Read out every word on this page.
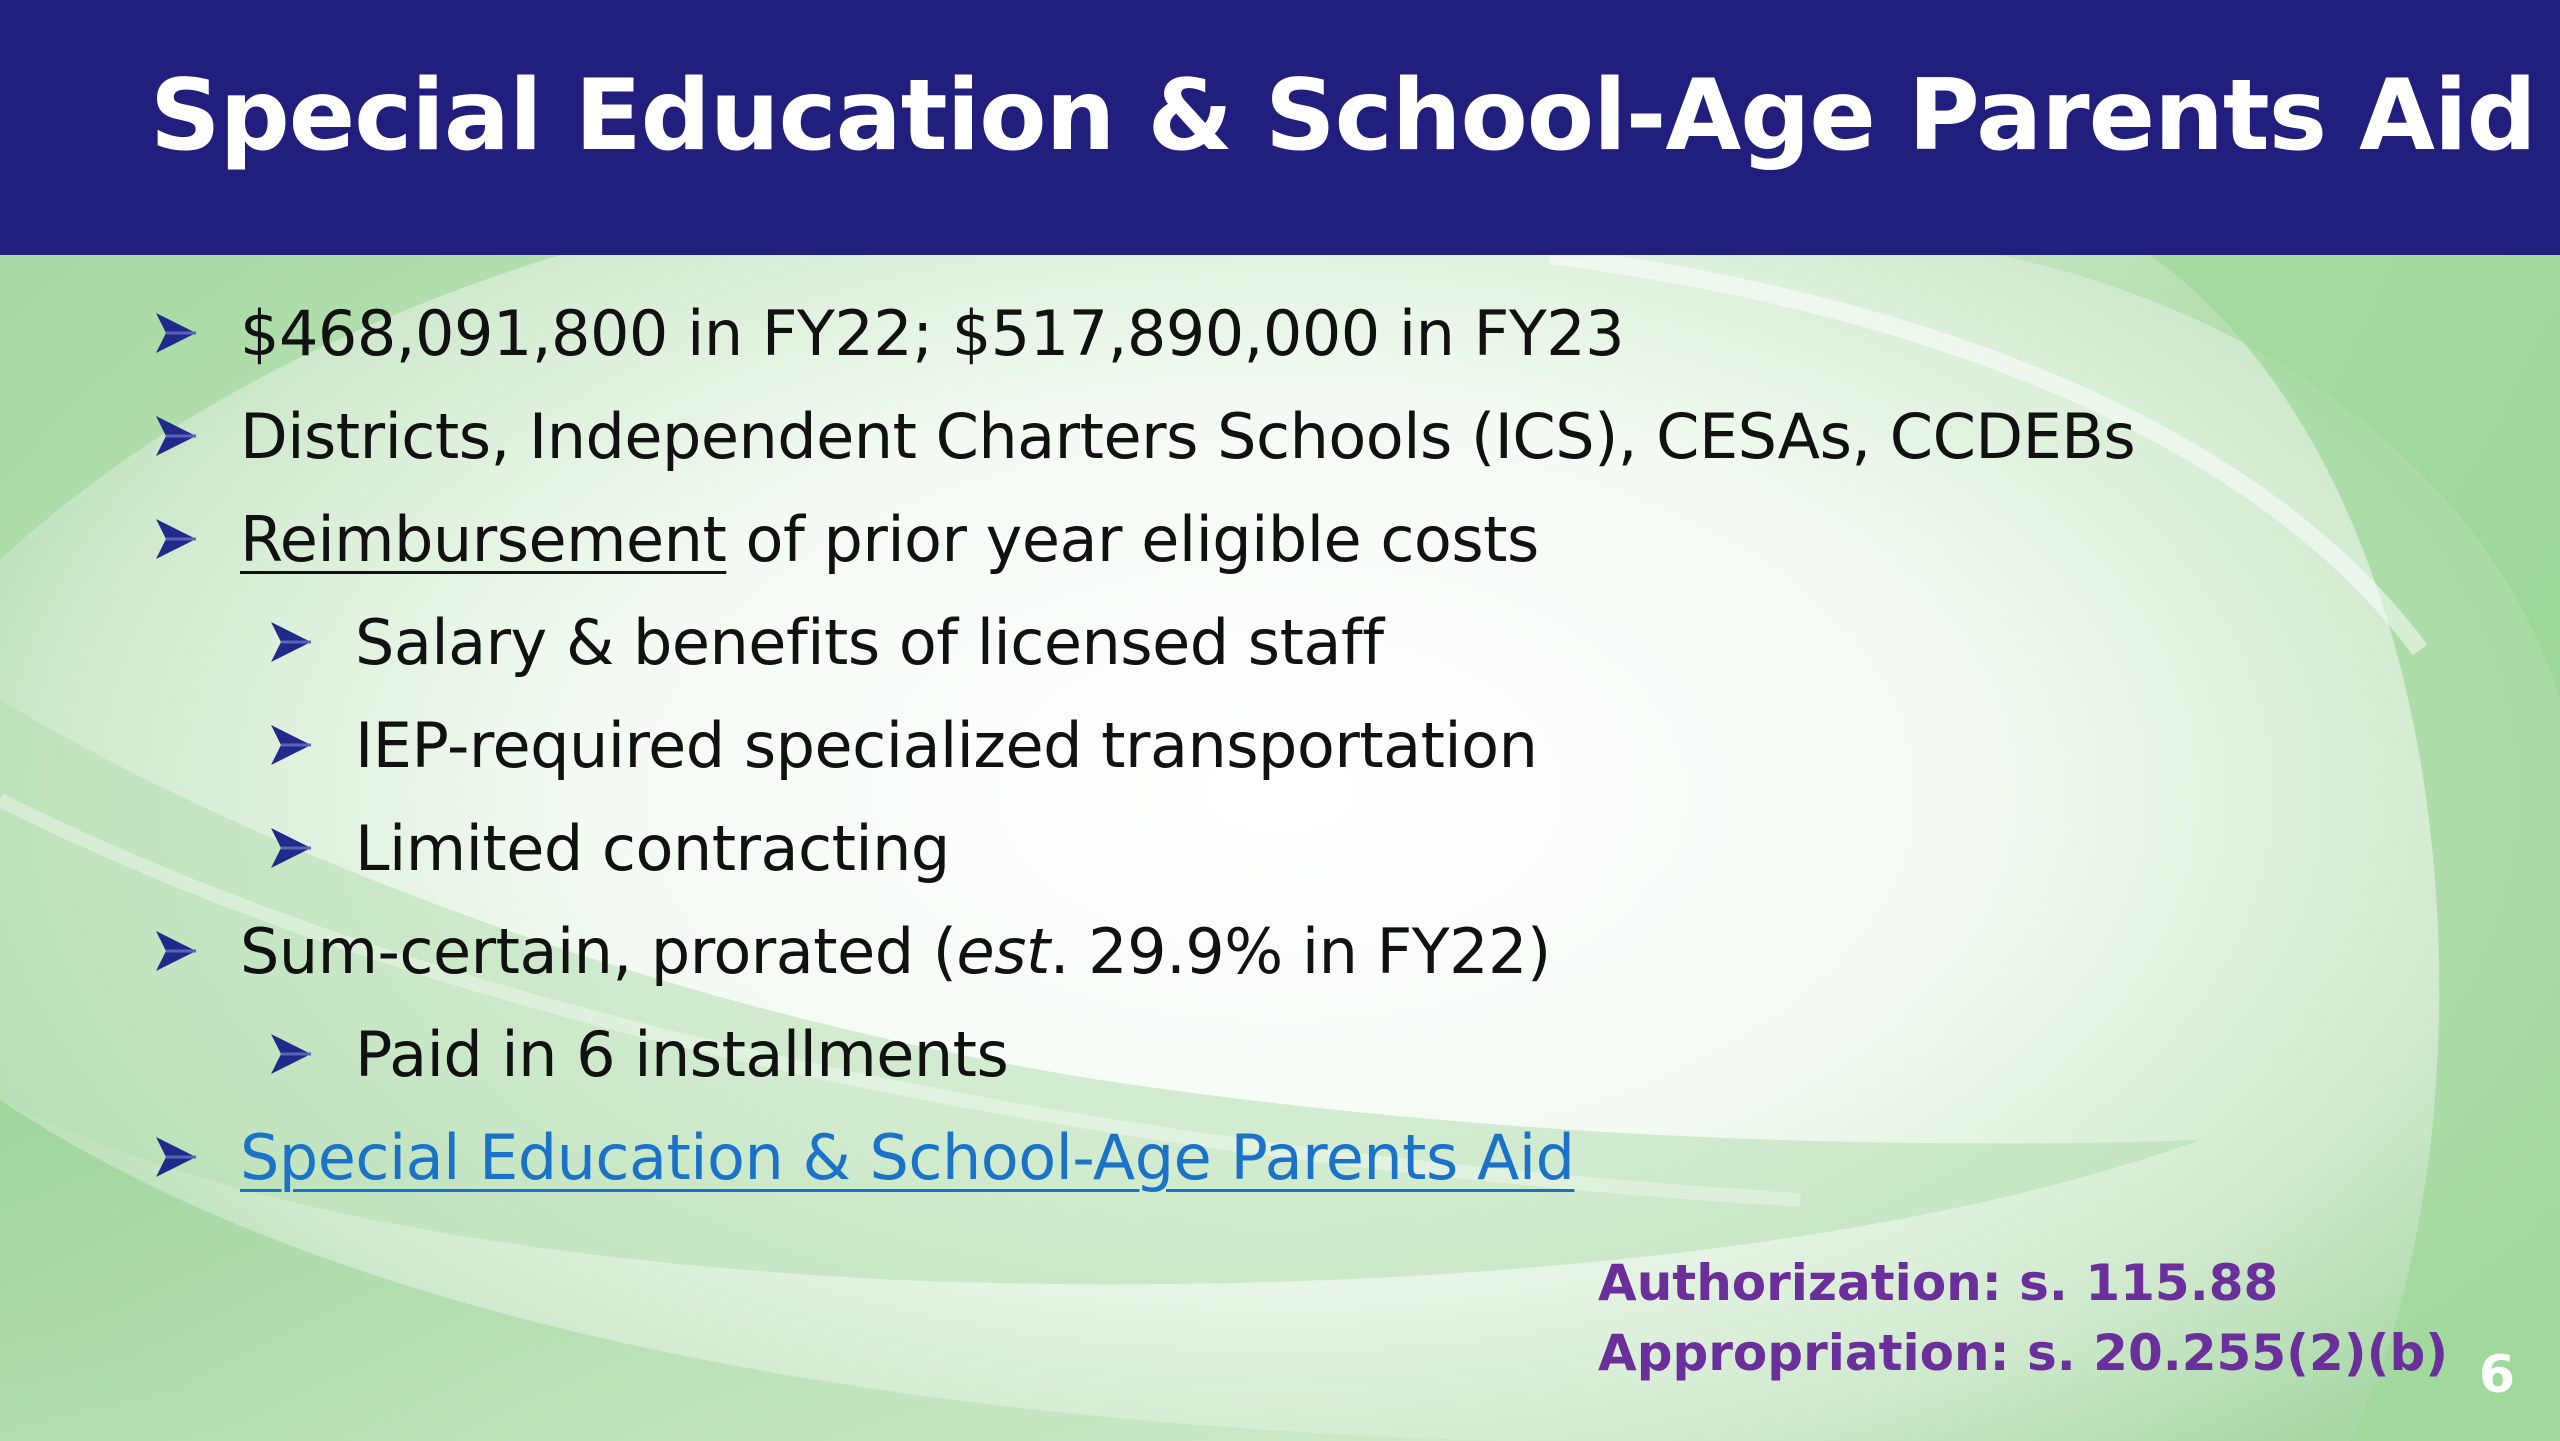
Special Education & School-Age Parents Aid
$468,091,800 in FY22; $517,890,000 in FY23
Districts, Independent Charters Schools (ICS), CESAs, CCDEBs
Reimbursement of prior year eligible costs
Salary & benefits of licensed staff
IEP-required specialized transportation
Limited contracting
Sum-certain, prorated ( est . 29.9% in FY22)
Paid in 6 installments
Special Education & School-Age Parents Aid
Authorization: s. 115.88
Appropriation: s. 20.255(2)(b) 6
